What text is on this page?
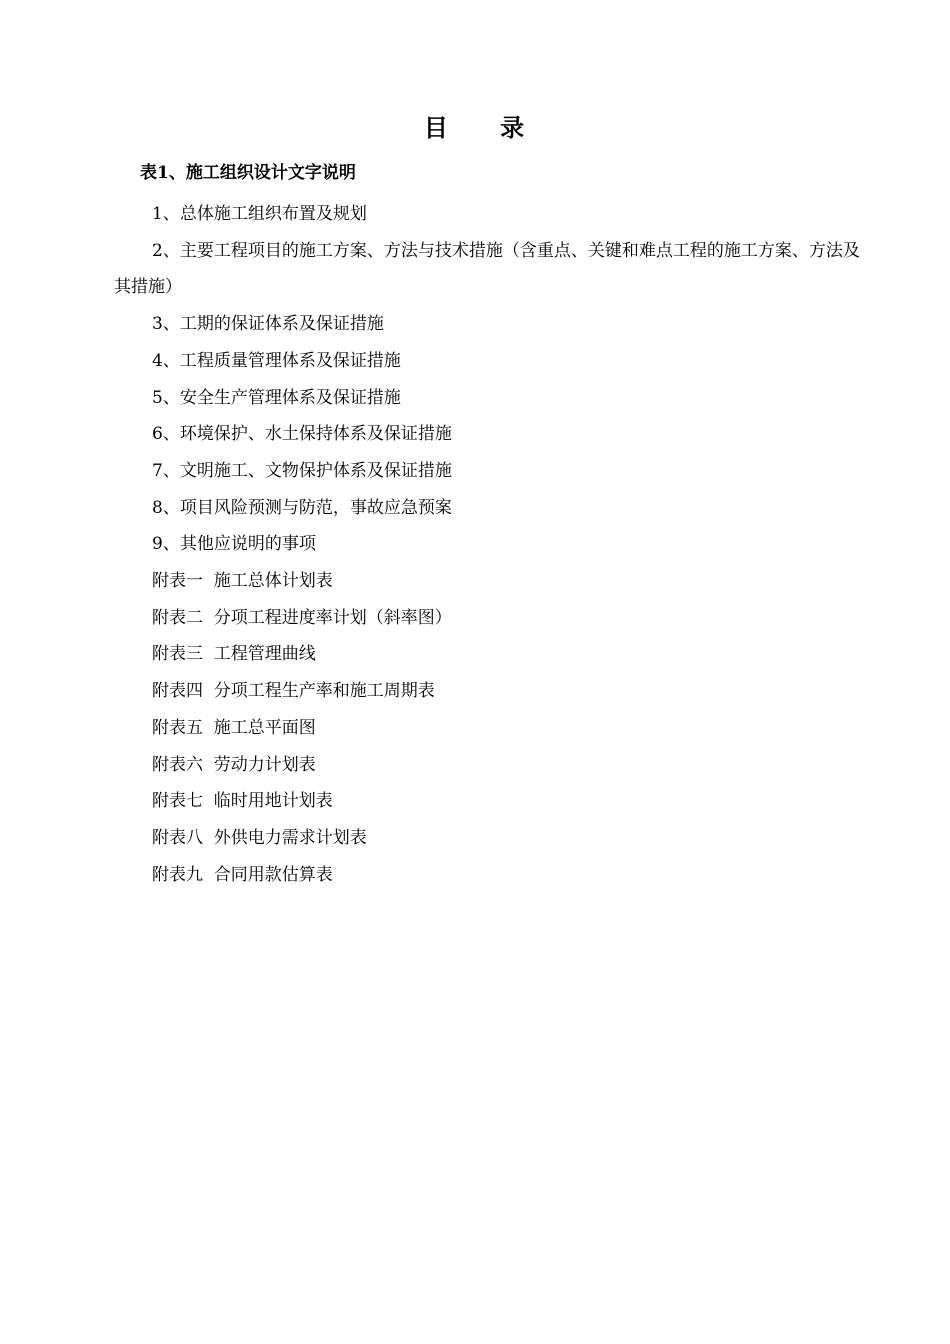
目 录
表1、施工组织设计文字说明
1、总体施工组织布置及规划
2、主要工程项目的施工方案、方法与技术措施（含重点、关键和难点工程的施工方案、方法及其措施）
3、工期的保证体系及保证措施
4、工程质量管理体系及保证措施
5、安全生产管理体系及保证措施
6、环境保护、水土保持体系及保证措施
7、文明施工、文物保护体系及保证措施
8、项目风险预测与防范，事故应急预案
9、其他应说明的事项
附表一  施工总体计划表
附表二  分项工程进度率计划（斜率图）
附表三  工程管理曲线
附表四  分项工程生产率和施工周期表
附表五  施工总平面图
附表六  劳动力计划表
附表七  临时用地计划表
附表八  外供电力需求计划表
附表九  合同用款估算表
